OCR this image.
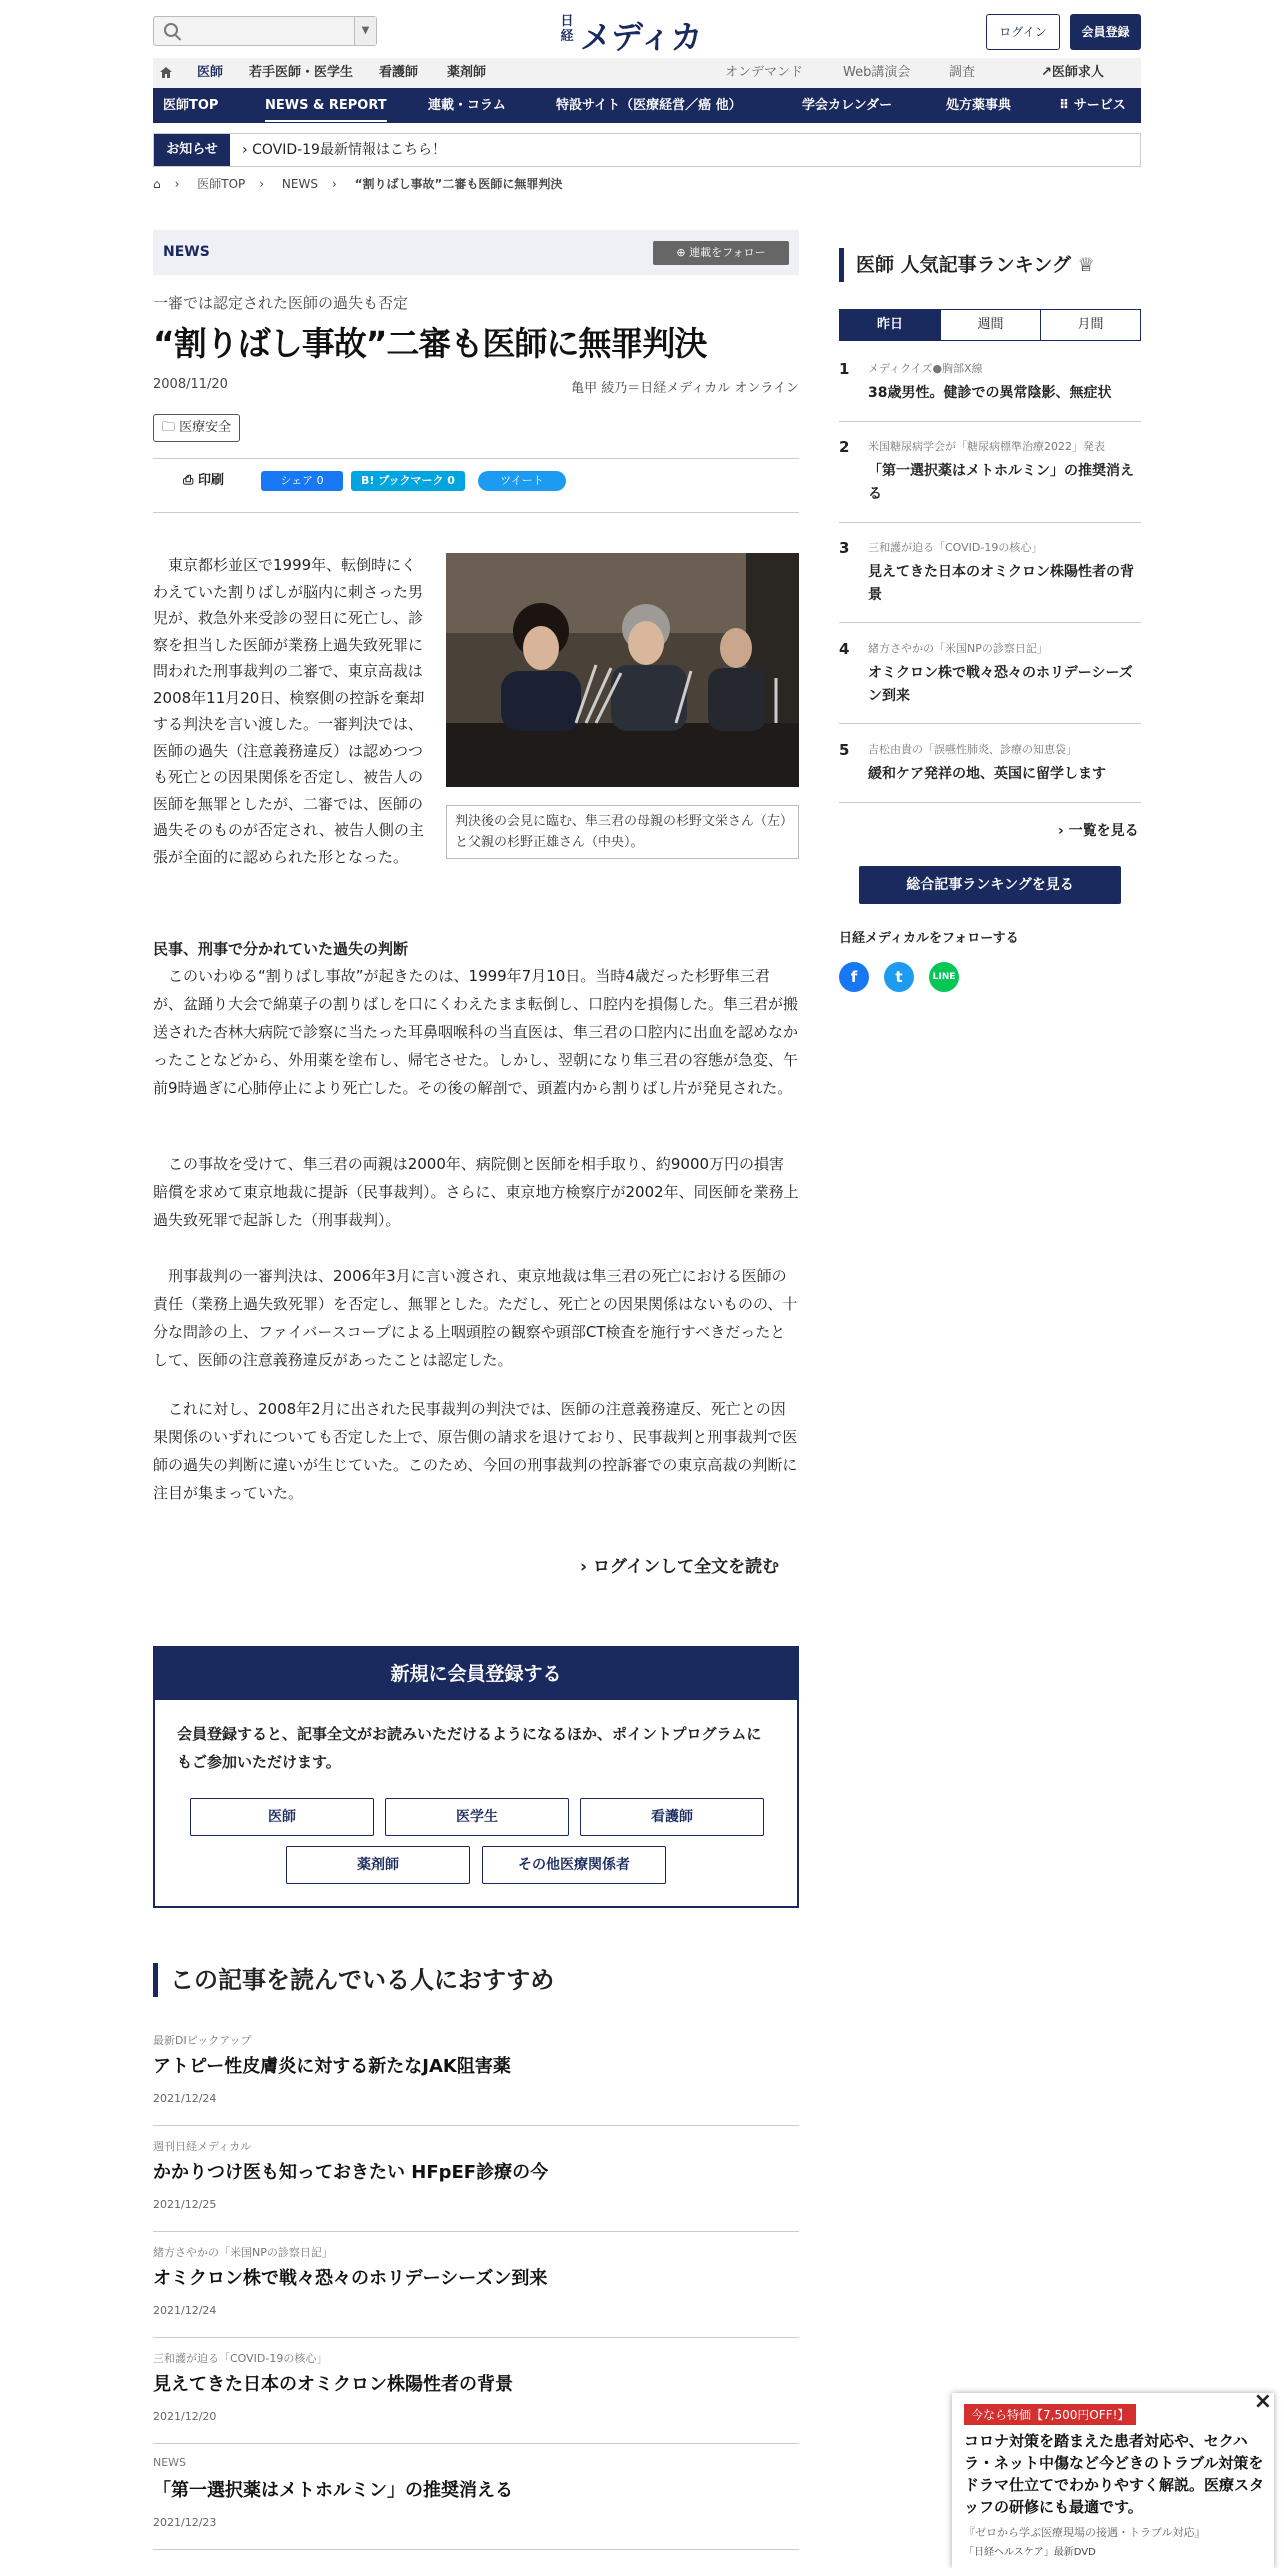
▼
日経 メディカ	ログイン	会員登録
医師 若手医師・医学生 看護師 薬剤師	オンデマンド	Web講演会	調査	↗医師求人
医師TOP	NEWS & REPORT	連載・コラム	特設サイト（医療経営／癌 他）	学会カレンダー	処方薬事典	⠿ サービス
お知らせ	› COVID-19最新情報はこちら！
⌂ › 医師TOP › NEWS › “割りばし事故”二審も医師に無罪判決
NEWS	⊕ 連載をフォロー
一審では認定された医師の過失も否定
“割りばし事故”二審も医師に無罪判決
2008/11/20	亀甲 綾乃＝日経メディカル オンライン
🗀 医療安全
⎙ 印刷	シェア 0	B! ブックマーク 0	ツイート

東京都杉並区で1999年、転倒時にくわえていた割りばしが脳内に刺さった男児が、救急外来受診の翌日に死亡し、診察を担当した医師が業務上過失致死罪に問われた刑事裁判の二審で、東京高裁は2008年11月20日、検察側の控訴を棄却する判決を言い渡した。一審判決では、医師の過失（注意義務違反）は認めつつも死亡との因果関係を否定し、被告人の医師を無罪としたが、二審では、医師の過失そのものが否定され、被告人側の主張が全面的に認められた形となった。

判決後の会見に臨む、隼三君の母親の杉野文栄さん（左）と父親の杉野正雄さん（中央）。
民事、刑事で分かれていた過失の判断

このいわゆる“割りばし事故”が起きたのは、1999年7月10日。当時4歳だった杉野隼三君が、盆踊り大会で綿菓子の割りばしを口にくわえたまま転倒し、口腔内を損傷した。隼三君が搬送された杏林大病院で診察に当たった耳鼻咽喉科の当直医は、隼三君の口腔内に出血を認めなかったことなどから、外用薬を塗布し、帰宅させた。しかし、翌朝になり隼三君の容態が急変、午前9時過ぎに心肺停止により死亡した。その後の解剖で、頭蓋内から割りばし片が発見された。

この事故を受けて、隼三君の両親は2000年、病院側と医師を相手取り、約9000万円の損害賠償を求めて東京地裁に提訴（民事裁判）。さらに、東京地方検察庁が2002年、同医師を業務上過失致死罪で起訴した（刑事裁判）。

刑事裁判の一審判決は、2006年3月に言い渡され、東京地裁は隼三君の死亡における医師の責任（業務上過失致死罪）を否定し、無罪とした。ただし、死亡との因果関係はないものの、十分な問診の上、ファイバースコープによる上咽頭腔の観察や頭部CT検査を施行すべきだったとして、医師の注意義務違反があったことは認定した。

これに対し、2008年2月に出された民事裁判の判決では、医師の注意義務違反、死亡との因果関係のいずれについても否定した上で、原告側の請求を退けており、民事裁判と刑事裁判で医師の過失の判断に違いが生じていた。このため、今回の刑事裁判の控訴審での東京高裁の判断に注目が集まっていた。

› ログインして全文を読む
新規に会員登録する
会員登録すると、記事全文がお読みいただけるようになるほか、ポイントプログラムにもご参加いただけます。
医師	医学生	看護師
薬剤師	その他医療関係者
この記事を読んでいる人におすすめ
最新DIピックアップ
アトピー性皮膚炎に対する新たなJAK阻害薬
2021/12/24
週刊日経メディカル
かかりつけ医も知っておきたい HFpEF診療の今
2021/12/25
緒方さやかの「米国NPの診察日記」
オミクロン株で戦々恐々のホリデーシーズン到来
2021/12/24
三和護が迫る「COVID-19の核心」
見えてきた日本のオミクロン株陽性者の背景
2021/12/20
NEWS
「第一選択薬はメトホルミン」の推奨消える
2021/12/23
医師 人気記事ランキング ♕
昨日	週間	月間
1 メディクイズ●胸部X線
38歳男性。健診での異常陰影、無症状
2 米国糖尿病学会が「糖尿病標準治療2022」発表
「第一選択薬はメトホルミン」の推奨消える
3 三和護が迫る「COVID-19の核心」
見えてきた日本のオミクロン株陽性者の背景
4 緒方さやかの「米国NPの診察日記」
オミクロン株で戦々恐々のホリデーシーズン到来
5 吉松由貴の「誤嚥性肺炎、診療の知恵袋」
緩和ケア発祥の地、英国に留学します
› 一覧を見る
総合記事ランキングを見る
日経メディカルをフォローする
f	t	LINE
×
今なら特価【7,500円OFF!】
コロナ対策を踏まえた患者対応や、セクハラ・ネット中傷など今どきのトラブル対策をドラマ仕立てでわかりやすく解説。医療スタッフの研修にも最適です。
『ゼロから学ぶ医療現場の接遇・トラブル対応』
「日経ヘルスケア」最新DVD
